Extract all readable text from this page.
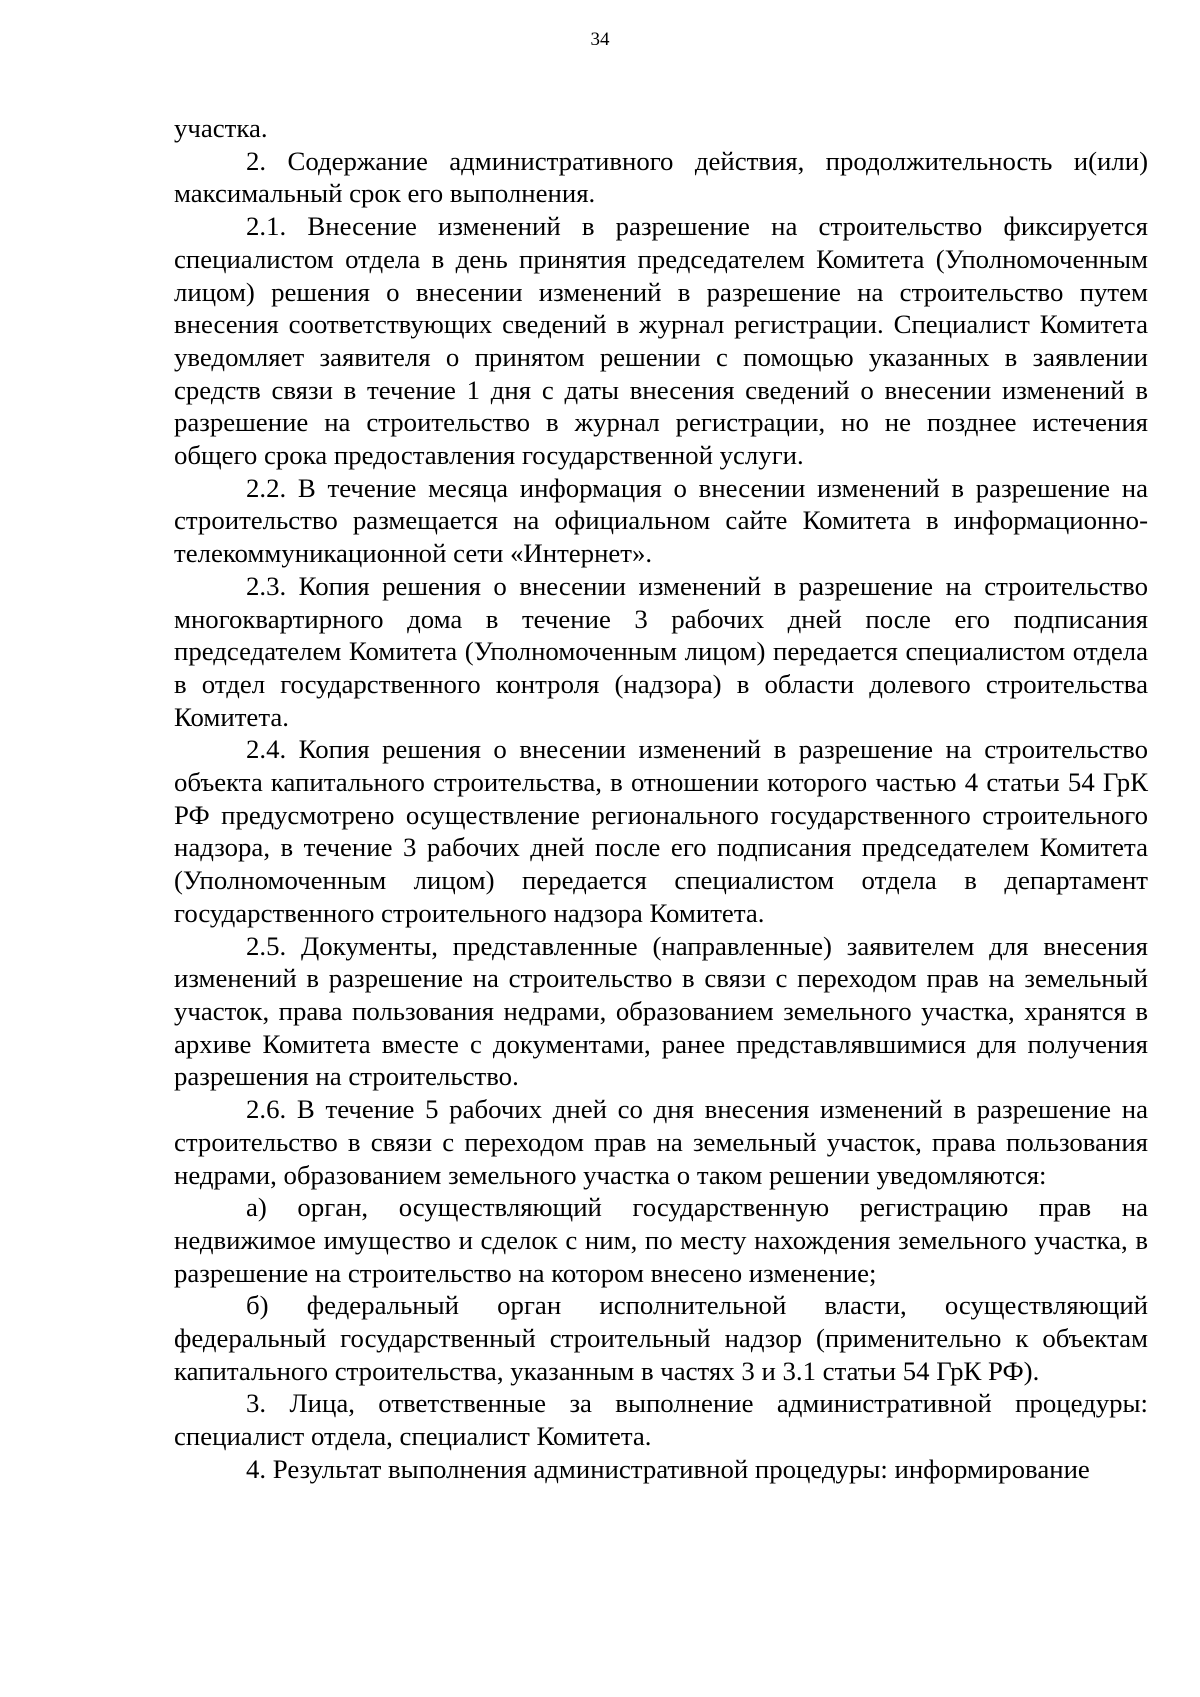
34

участка.

2. Содержание административного действия, продолжительность и(или) максимальный срок его выполнения.

2.1. Внесение изменений в разрешение на строительство фиксируется специалистом отдела в день принятия председателем Комитета (Уполномоченным лицом) решения о внесении изменений в разрешение на строительство путем внесения соответствующих сведений в журнал регистрации. Специалист Комитета уведомляет заявителя о принятом решении с помощью указанных в заявлении средств связи в течение 1 дня с даты внесения сведений о внесении изменений в разрешение на строительство в журнал регистрации, но не позднее истечения общего срока предоставления государственной услуги.

2.2. В течение месяца информация о внесении изменений в разрешение на строительство размещается на официальном сайте Комитета в информационно-телекоммуникационной сети «Интернет».

2.3. Копия решения о внесении изменений в разрешение на строительство многоквартирного дома в течение 3 рабочих дней после его подписания председателем Комитета (Уполномоченным лицом) передается специалистом отдела в отдел государственного контроля (надзора) в области долевого строительства Комитета.

2.4. Копия решения о внесении изменений в разрешение на строительство объекта капитального строительства, в отношении которого частью 4 статьи 54 ГрК РФ предусмотрено осуществление регионального государственного строительного надзора, в течение 3 рабочих дней после его подписания председателем Комитета (Уполномоченным лицом) передается специалистом отдела в департамент государственного строительного надзора Комитета.

2.5. Документы, представленные (направленные) заявителем для внесения изменений в разрешение на строительство в связи с переходом прав на земельный участок, права пользования недрами, образованием земельного участка, хранятся в архиве Комитета вместе с документами, ранее представлявшимися для получения разрешения на строительство.

2.6. В течение 5 рабочих дней со дня внесения изменений в разрешение на строительство в связи с переходом прав на земельный участок, права пользования недрами, образованием земельного участка о таком решении уведомляются:

а) орган, осуществляющий государственную регистрацию прав на недвижимое имущество и сделок с ним, по месту нахождения земельного участка, в разрешение на строительство на котором внесено изменение;

б) федеральный орган исполнительной власти, осуществляющий федеральный государственный строительный надзор (применительно к объектам капитального строительства, указанным в частях 3 и 3.1 статьи 54 ГрК РФ).

3. Лица, ответственные за выполнение административной процедуры: специалист отдела, специалист Комитета.

4. Результат выполнения административной процедуры: информирование
